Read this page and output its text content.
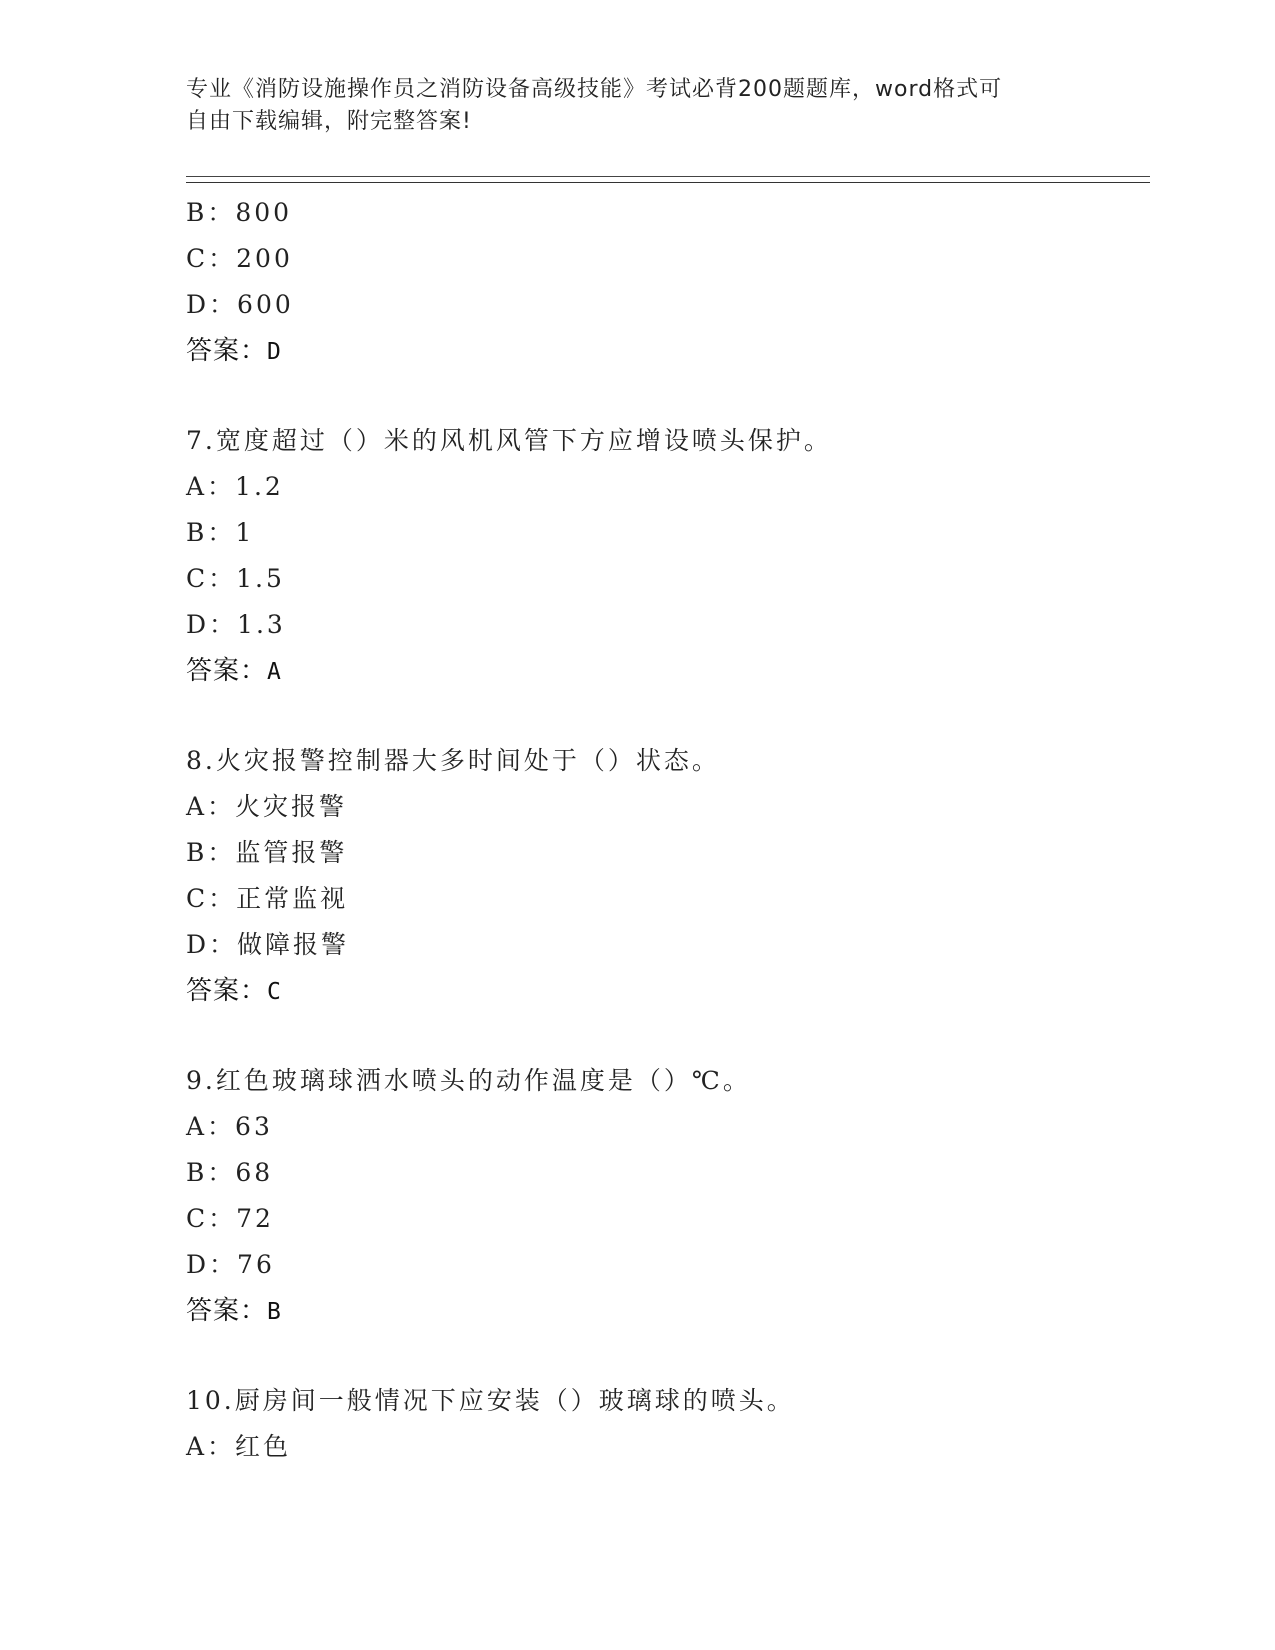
专业《消防设施操作员之消防设备高级技能》考试必背200题题库，word格式可
自由下载编辑，附完整答案!
B：800
C：200
D：600
答案：D
7.宽度超过（）米的风机风管下方应增设喷头保护。
A：1.2
B：1
C：1.5
D：1.3
答案：A
8.火灾报警控制器大多时间处于（）状态。
A：火灾报警
B：监管报警
C：正常监视
D：做障报警
答案：C
9.红色玻璃球洒水喷头的动作温度是（）℃。
A：63
B：68
C：72
D：76
答案：B
10.厨房间一般情况下应安装（）玻璃球的喷头。
A：红色
